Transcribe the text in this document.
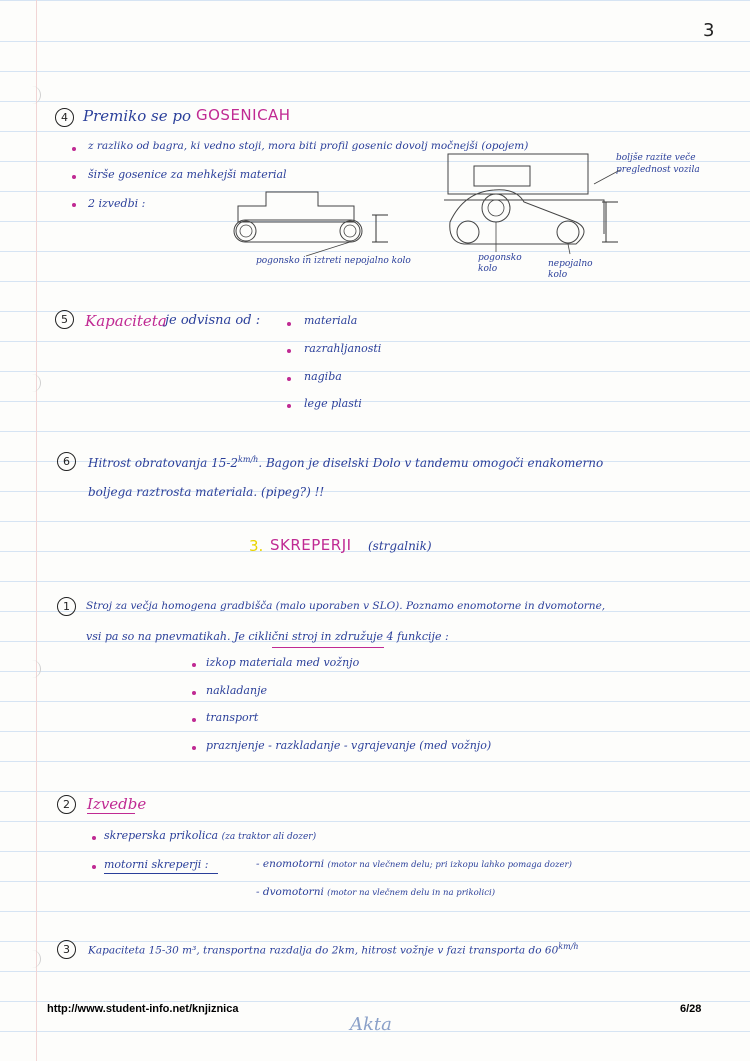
3
4	Premiko se po GOSENICAH
z razliko od bagra, ki vedno stoji, mora biti profil gosenic dovolj močnejši (opojem)
širše gosenice za mehkejši material
2 izvedbi :
boljše razite veče preglednost vozila
pogonsko in iztreti nepojalno kolo	pogonsko kolo	nepojalno kolo
5	Kapaciteta
je odvisna od :	materiala
razrahljanosti
nagiba
lege plasti
6	Hitrost obratovanja $15-2^{km/h}$. Bagon je diselski Dolo v tandemu omogoči enakomerno
boljega raztrosta materiala. (pipeg?) !!
3. SKREPERJI (strgalnik)
1	Stroj za večja homogena gradbišča (malo uporaben v SLO). Poznamo enomotorne in dvomotorne,
vsi pa so na pnevmatikah. Je ciklični stroj in združuje 4 funkcije :
izkop materiala med vožnjo
nakladanje
transport
praznjenje - razkladanje - vgrajevanje (med vožnjo)
2	Izvedbe
skreperska prikolica (za traktor ali dozer)
motorni skreperji :	- enomotorni (motor na vlečnem delu; pri izkopu lahko pomaga dozer)
- dvomotorni (motor na vlečnem delu in na prikolici)
3	Kapaciteta 15-30 m³, transportna razdalja do 2km, hitrost vožnje v fazi transporta do $60^{km/h}$
http://www.student-info.net/knjiznica	6/28
Akta
